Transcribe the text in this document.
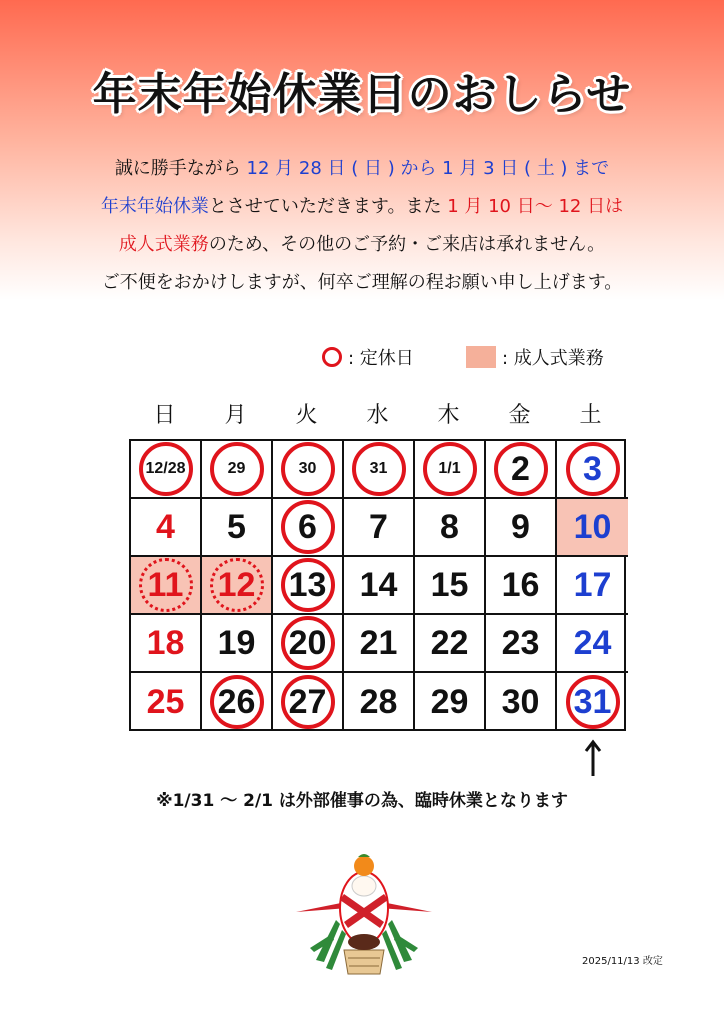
年末年始休業日のおしらせ
誠に勝手ながら 12 月 28 日 ( 日 ) から 1 月 3 日 ( 土 ) まで
年末年始休業とさせていただきます。また 1 月 10 日〜 12 日は
成人式業務のため、その他のご予約・ご来店は承れません。
ご不便をおかけしますが、何卒ご理解の程お願い申し上げます。
: 定休日	: 成人式業務
日	月	火	水	木	金	土
12/28	29	30	31	1/1 2 3
4 5 6 7 8 9 10
11 12 13 14 15 16 17
18 19 20 21 22 23 24
25 26 27 28 29 30 31
※1/31 〜 2/1 は外部催事の為、臨時休業となります
2025/11/13 改定
